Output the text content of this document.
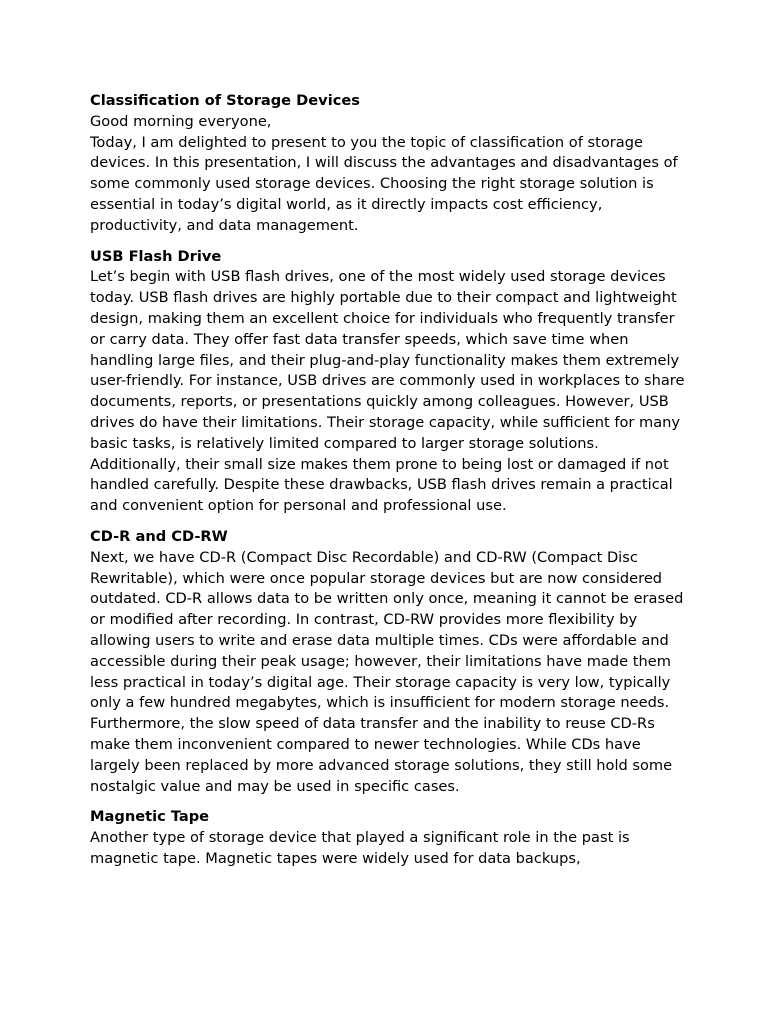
Classification of Storage Devices

Good morning everyone,

Today, I am delighted to present to you the topic of classification of storage devices. In this presentation, I will discuss the advantages and disadvantages of some commonly used storage devices. Choosing the right storage solution is essential in today’s digital world, as it directly impacts cost efficiency, productivity, and data management.

USB Flash Drive

Let’s begin with USB flash drives, one of the most widely used storage devices today. USB flash drives are highly portable due to their compact and lightweight design, making them an excellent choice for individuals who frequently transfer or carry data. They offer fast data transfer speeds, which save time when handling large files, and their plug-and-play functionality makes them extremely user-friendly. For instance, USB drives are commonly used in workplaces to share documents, reports, or presentations quickly among colleagues. However, USB drives do have their limitations. Their storage capacity, while sufficient for many basic tasks, is relatively limited compared to larger storage solutions. Additionally, their small size makes them prone to being lost or damaged if not handled carefully. Despite these drawbacks, USB flash drives remain a practical and convenient option for personal and professional use.

CD-R and CD-RW

Next, we have CD-R (Compact Disc Recordable) and CD-RW (Compact Disc Rewritable), which were once popular storage devices but are now considered outdated. CD-R allows data to be written only once, meaning it cannot be erased or modified after recording. In contrast, CD-RW provides more flexibility by allowing users to write and erase data multiple times. CDs were affordable and accessible during their peak usage; however, their limitations have made them less practical in today’s digital age. Their storage capacity is very low, typically only a few hundred megabytes, which is insufficient for modern storage needs. Furthermore, the slow speed of data transfer and the inability to reuse CD-Rs make them inconvenient compared to newer technologies. While CDs have largely been replaced by more advanced storage solutions, they still hold some nostalgic value and may be used in specific cases.

Magnetic Tape

Another type of storage device that played a significant role in the past is magnetic tape. Magnetic tapes were widely used for data backups,
